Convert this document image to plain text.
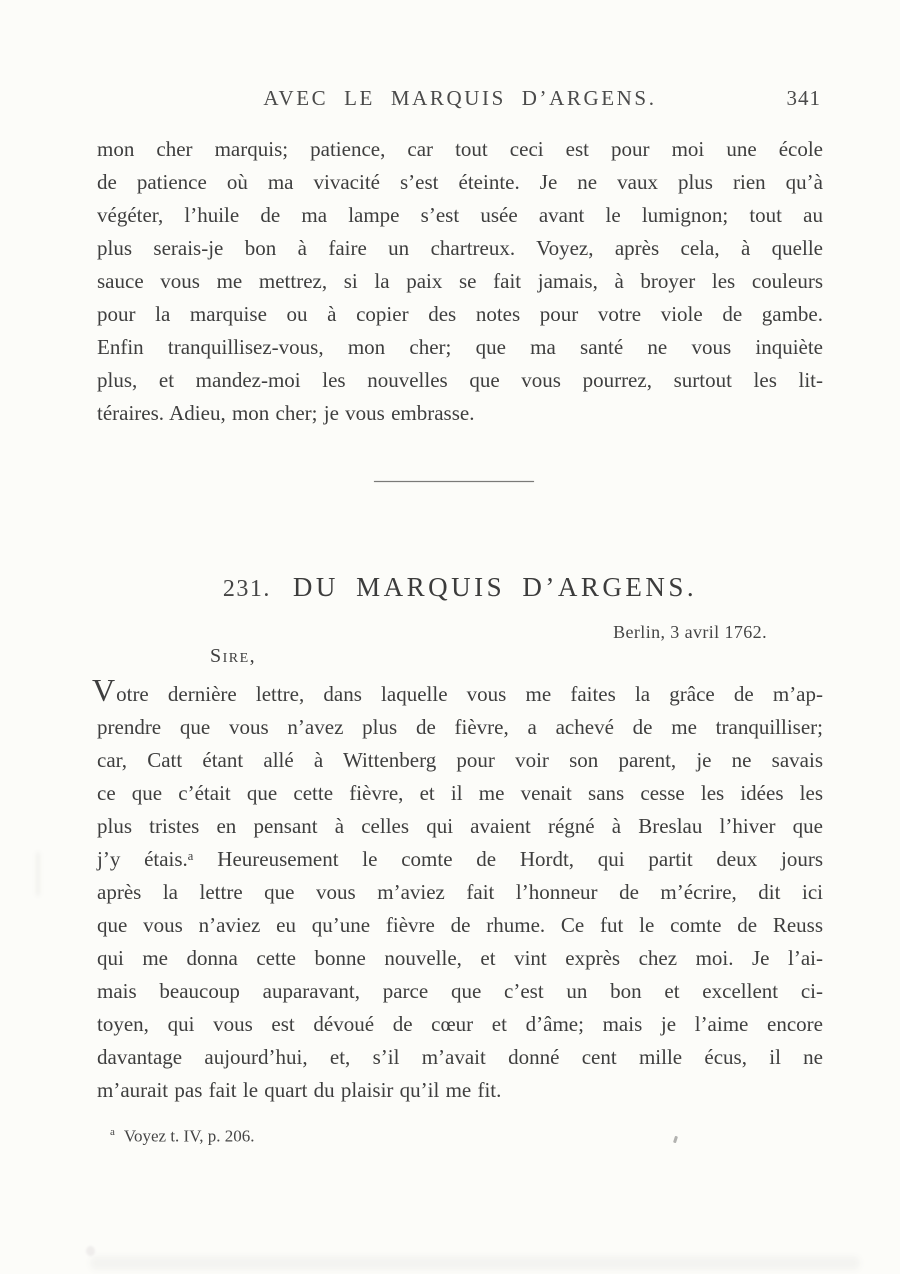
AVEC LE MARQUIS D’ARGENS.	341
mon cher marquis; patience, car tout ceci est pour moi une école
de patience où ma vivacité s’est éteinte. Je ne vaux plus rien qu’à
végéter, l’huile de ma lampe s’est usée avant le lumignon; tout au
plus serais-je bon à faire un chartreux. Voyez, après cela, à quelle
sauce vous me mettrez, si la paix se fait jamais, à broyer les couleurs
pour la marquise ou à copier des notes pour votre viole de gambe.
Enfin tranquillisez-vous, mon cher; que ma santé ne vous inquiète
plus, et mandez-moi les nouvelles que vous pourrez, surtout les lit-
téraires. Adieu, mon cher; je vous embrasse.
231. DU MARQUIS D’ARGENS.
Berlin, 3 avril 1762.
Sire,
Votre dernière lettre, dans laquelle vous me faites la grâce de m’ap-
prendre que vous n’avez plus de fièvre, a achevé de me tranquilliser;
car, Catt étant allé à Wittenberg pour voir son parent, je ne savais
ce que c’était que cette fièvre, et il me venait sans cesse les idées les
plus tristes en pensant à celles qui avaient régné à Breslau l’hiver que
j’y étais.ᵃ Heureusement le comte de Hordt, qui partit deux jours
après la lettre que vous m’aviez fait l’honneur de m’écrire, dit ici
que vous n’aviez eu qu’une fièvre de rhume. Ce fut le comte de Reuss
qui me donna cette bonne nouvelle, et vint exprès chez moi. Je l’ai-
mais beaucoup auparavant, parce que c’est un bon et excellent ci-
toyen, qui vous est dévoué de cœur et d’âme; mais je l’aime encore
davantage aujourd’hui, et, s’il m’avait donné cent mille écus, il ne
m’aurait pas fait le quart du plaisir qu’il me fit.
$^a$ Voyez t. IV, p. 206.
